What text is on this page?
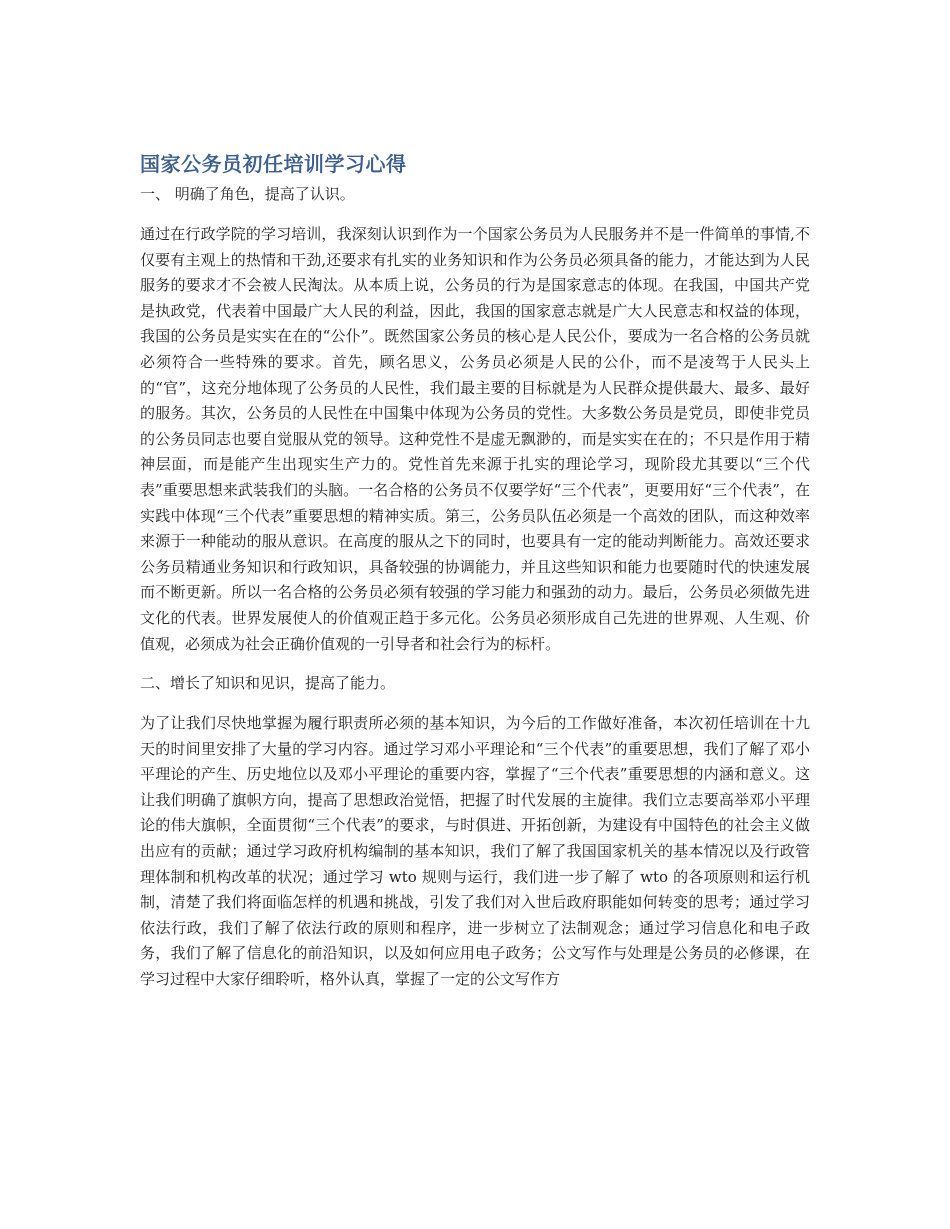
国家公务员初任培训学习心得

一、 明确了角色，提高了认识。

通过在行政学院的学习培训，我深刻认识到作为一个国家公务员为人民服务并不是一件简单的事情,不仅要有主观上的热情和干劲,还要求有扎实的业务知识和作为公务员必须具备的能力，才能达到为人民服务的要求才不会被人民淘汰。从本质上说，公务员的行为是国家意志的体现。在我国，中国共产党是执政党，代表着中国最广大人民的利益，因此，我国的国家意志就是广大人民意志和权益的体现，我国的公务员是实实在在的“公仆”。既然国家公务员的核心是人民公仆，要成为一名合格的公务员就必须符合一些特殊的要求。首先，顾名思义，公务员必须是人民的公仆，而不是凌驾于人民头上的“官”，这充分地体现了公务员的人民性，我们最主要的目标就是为人民群众提供最大、最多、最好的服务。其次，公务员的人民性在中国集中体现为公务员的党性。大多数公务员是党员，即使非党员的公务员同志也要自觉服从党的领导。这种党性不是虚无飘渺的，而是实实在在的；不只是作用于精神层面，而是能产生出现实生产力的。党性首先来源于扎实的理论学习，现阶段尤其要以“三个代表”重要思想来武装我们的头脑。一名合格的公务员不仅要学好“三个代表”，更要用好“三个代表”，在实践中体现“三个代表”重要思想的精神实质。第三，公务员队伍必须是一个高效的团队，而这种效率来源于一种能动的服从意识。在高度的服从之下的同时，也要具有一定的能动判断能力。高效还要求公务员精通业务知识和行政知识，具备较强的协调能力，并且这些知识和能力也要随时代的快速发展而不断更新。所以一名合格的公务员必须有较强的学习能力和强劲的动力。最后，公务员必须做先进文化的代表。世界发展使人的价值观正趋于多元化。公务员必须形成自己先进的世界观、人生观、价值观，必须成为社会正确价值观的一引导者和社会行为的标杆。

二、增长了知识和见识，提高了能力。

为了让我们尽快地掌握为履行职责所必须的基本知识，为今后的工作做好准备，本次初任培训在十九天的时间里安排了大量的学习内容。通过学习邓小平理论和“三个代表”的重要思想，我们了解了邓小平理论的产生、历史地位以及邓小平理论的重要内容，掌握了“三个代表”重要思想的内涵和意义。这让我们明确了旗帜方向，提高了思想政治觉悟，把握了时代发展的主旋律。我们立志要高举邓小平理论的伟大旗帜，全面贯彻“三个代表”的要求，与时俱进、开拓创新，为建设有中国特色的社会主义做出应有的贡献；通过学习政府机构编制的基本知识，我们了解了我国国家机关的基本情况以及行政管理体制和机构改革的状况；通过学习 wto 规则与运行，我们进一步了解了 wto 的各项原则和运行机制，清楚了我们将面临怎样的机遇和挑战，引发了我们对入世后政府职能如何转变的思考；通过学习依法行政，我们了解了依法行政的原则和程序，进一步树立了法制观念；通过学习信息化和电子政务，我们了解了信息化的前沿知识，以及如何应用电子政务；公文写作与处理是公务员的必修课，在学习过程中大家仔细聆听，格外认真，掌握了一定的公文写作方
